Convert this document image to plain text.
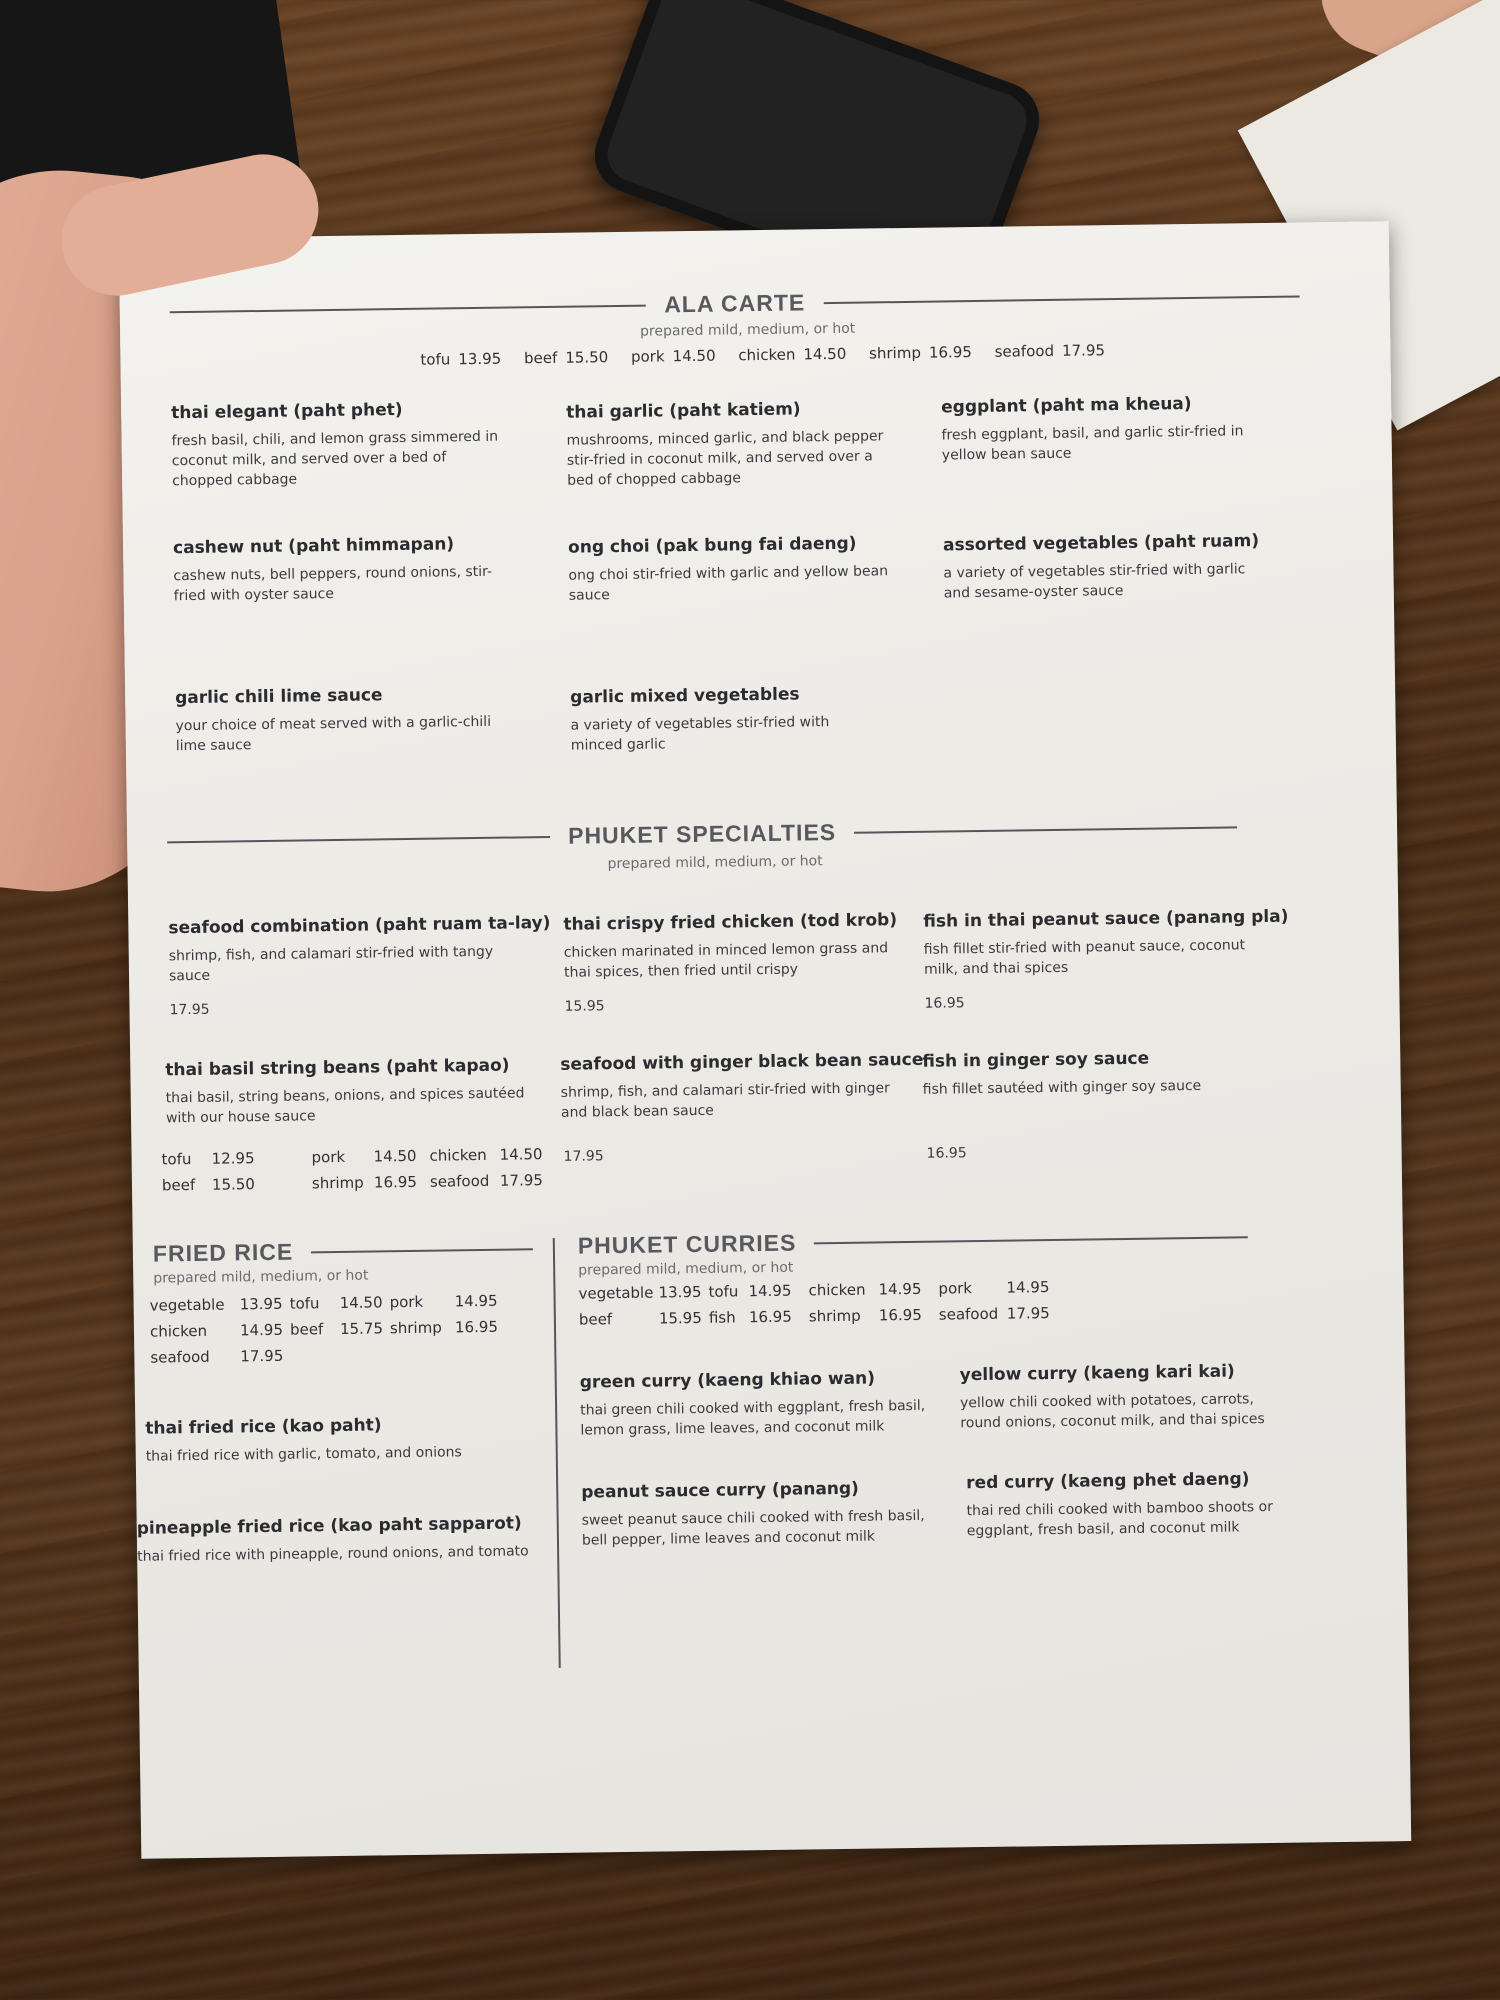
ALA CARTE
prepared mild, medium, or hot
tofu 13.95 beef 15.50 pork 14.50 chicken 14.50 shrimp 16.95 seafood 17.95
thai elegant (paht phet)
fresh basil, chili, and lemon grass simmered in coconut milk, and served over a bed of chopped cabbage
thai garlic (paht katiem)
mushrooms, minced garlic, and black pepper stir-fried in coconut milk, and served over a bed of chopped cabbage
eggplant (paht ma kheua)
fresh eggplant, basil, and garlic stir-fried in yellow bean sauce
cashew nut (paht himmapan)
cashew nuts, bell peppers, round onions, stir-fried with oyster sauce
ong choi (pak bung fai daeng)
ong choi stir-fried with garlic and yellow bean sauce
assorted vegetables (paht ruam)
a variety of vegetables stir-fried with garlic and sesame-oyster sauce
garlic chili lime sauce
your choice of meat served with a garlic-chili lime sauce
garlic mixed vegetables
a variety of vegetables stir-fried with minced garlic
PHUKET SPECIALTIES
prepared mild, medium, or hot
seafood combination (paht ruam ta-lay)
shrimp, fish, and calamari stir-fried with tangy sauce
17.95
thai crispy fried chicken (tod krob)
chicken marinated in minced lemon grass and thai spices, then fried until crispy
15.95
fish in thai peanut sauce (panang pla)
fish fillet stir-fried with peanut sauce, coconut milk, and thai spices
16.95
thai basil string beans (paht kapao)
thai basil, string beans, onions, and spices sautéed with our house sauce
seafood with ginger black bean sauce
shrimp, fish, and calamari stir-fried with ginger and black bean sauce
fish in ginger soy sauce
fish fillet sautéed with ginger soy sauce
17.95	16.95
tofu	12.95	pork	14.50 chicken 14.50
beef	15.50	shrimp 16.95 seafood 17.95
FRIED RICE
prepared mild, medium, or hot
vegetable 13.95 tofu	14.50 pork	14.95
chicken	14.95 beef	15.75 shrimp 16.95
seafood	17.95
thai fried rice (kao paht)
thai fried rice with garlic, tomato, and onions
pineapple fried rice (kao paht sapparot)
thai fried rice with pineapple, round onions, and tomato
PHUKET CURRIES
prepared mild, medium, or hot
vegetable 13.95 tofu 14.95	chicken 14.95	pork	14.95
beef	15.95 fish 16.95	shrimp	16.95	seafood 17.95
green curry (kaeng khiao wan)
thai green chili cooked with eggplant, fresh basil, lemon grass, lime leaves, and coconut milk
yellow curry (kaeng kari kai)
yellow chili cooked with potatoes, carrots, round onions, coconut milk, and thai spices
peanut sauce curry (panang)
sweet peanut sauce chili cooked with fresh basil, bell pepper, lime leaves and coconut milk
red curry (kaeng phet daeng)
thai red chili cooked with bamboo shoots or eggplant, fresh basil, and coconut milk
